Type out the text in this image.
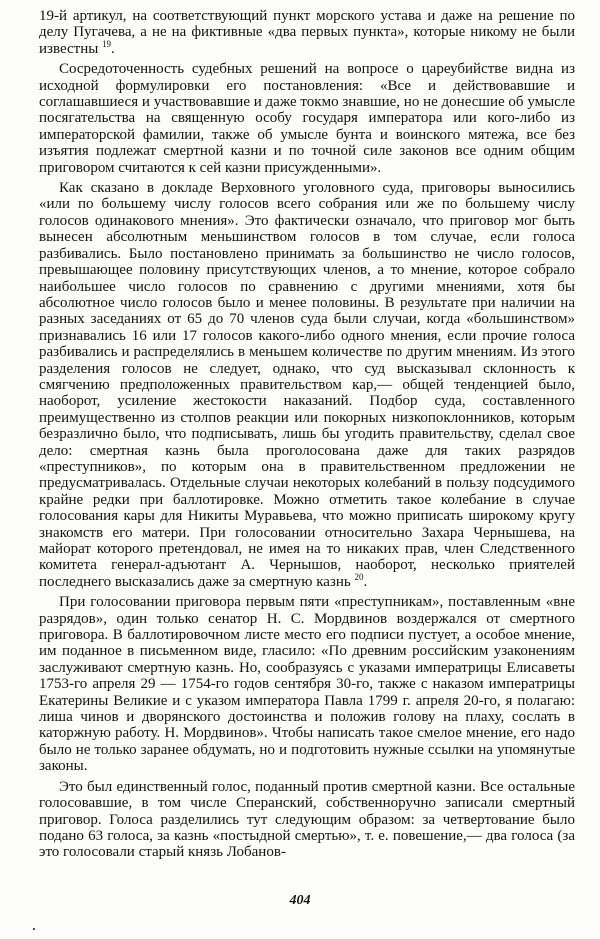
19-й артикул, на соответствующий пункт морского устава и даже на решение по делу Пугачева, а не на фиктивные «два первых пункта», которые никому не были известны $^{19}$.

Сосредоточенность судебных решений на вопросе о цареубийстве видна из исходной формулировки его постановления: «Все и действовавшие и соглашавшиеся и участвовавшие и даже токмо знавшие, но не донесшие об умысле посягательства на священную особу государя императора или кого-либо из императорской фамилии, также об умысле бунта и воинского мятежа, все без изъятия подлежат смертной казни и по точной силе законов все одним общим приговором считаются к сей казни присужденными».

Как сказано в докладе Верховного уголовного суда, приговоры выносились «или по большему числу голосов всего собрания или же по большему числу голосов одинакового мнения». Это фактически означало, что приговор мог быть вынесен абсолютным меньшинством голосов в том случае, если голоса разбивались. Было постановлено принимать за большинство не число голосов, превышающее половину присутствующих членов, а то мнение, которое собрало наибольшее число голосов по сравнению с другими мнениями, хотя бы абсолютное число голосов было и менее половины. В результате при наличии на разных заседаниях от 65 до 70 членов суда были случаи, когда «большинством» признавались 16 или 17 голосов какого-либо одного мнения, если прочие голоса разбивались и распределялись в меньшем количестве по другим мнениям. Из этого разделения голосов не следует, однако, что суд высказывал склонность к смягчению предположенных правительством кар,— общей тенденцией было, наоборот, усиление жестокости наказаний. Подбор суда, составленного преимущественно из столпов реакции или покорных низкопоклонников, которым безразлично было, что подписывать, лишь бы угодить правительству, сделал свое дело: смертная казнь была проголосована даже для таких разрядов «преступников», по которым она в правительственном предложении не предусматривалась. Отдельные случаи некоторых колебаний в пользу подсудимого крайне редки при баллотировке. Можно отметить такое колебание в случае голосования кары для Никиты Муравьева, что можно приписать широкому кругу знакомств его матери. При голосовании относительно Захара Чернышева, на майорат которого претендовал, не имея на то никаких прав, член Следственного комитета генерал-адъютант А. Чернышов, наоборот, несколько приятелей последнего высказались даже за смертную казнь $^{20}$.

При голосовании приговора первым пяти «преступникам», поставленным «вне разрядов», один только сенатор Н. С. Мордвинов воздержался от смертного приговора. В баллотировочном листе место его подписи пустует, а особое мнение, им поданное в письменном виде, гласило: «По древним российским узаконениям заслуживают смертную казнь. Но, сообразуясь с указами императрицы Елисаветы 1753-го апреля 29 — 1754-го годов сентября 30-го, также с наказом императрицы Екатерины Великие и с указом императора Павла 1799 г. апреля 20-го, я полагаю: лиша чинов и дворянского достоинства и положив голову на плаху, сослать в каторжную работу. Н. Мордвинов». Чтобы написать такое смелое мнение, его надо было не только заранее обдумать, но и подготовить нужные ссылки на упомянутые законы.

Это был единственный голос, поданный против смертной казни. Все остальные голосовавшие, в том числе Сперанский, собственноручно записали смертный приговор. Голоса разделились тут следующим образом: за четвертование было подано 63 голоса, за казнь «постыдной смертью», т. е. повешение,— два голоса (за это голосовали старый князь Лобанов-

404
